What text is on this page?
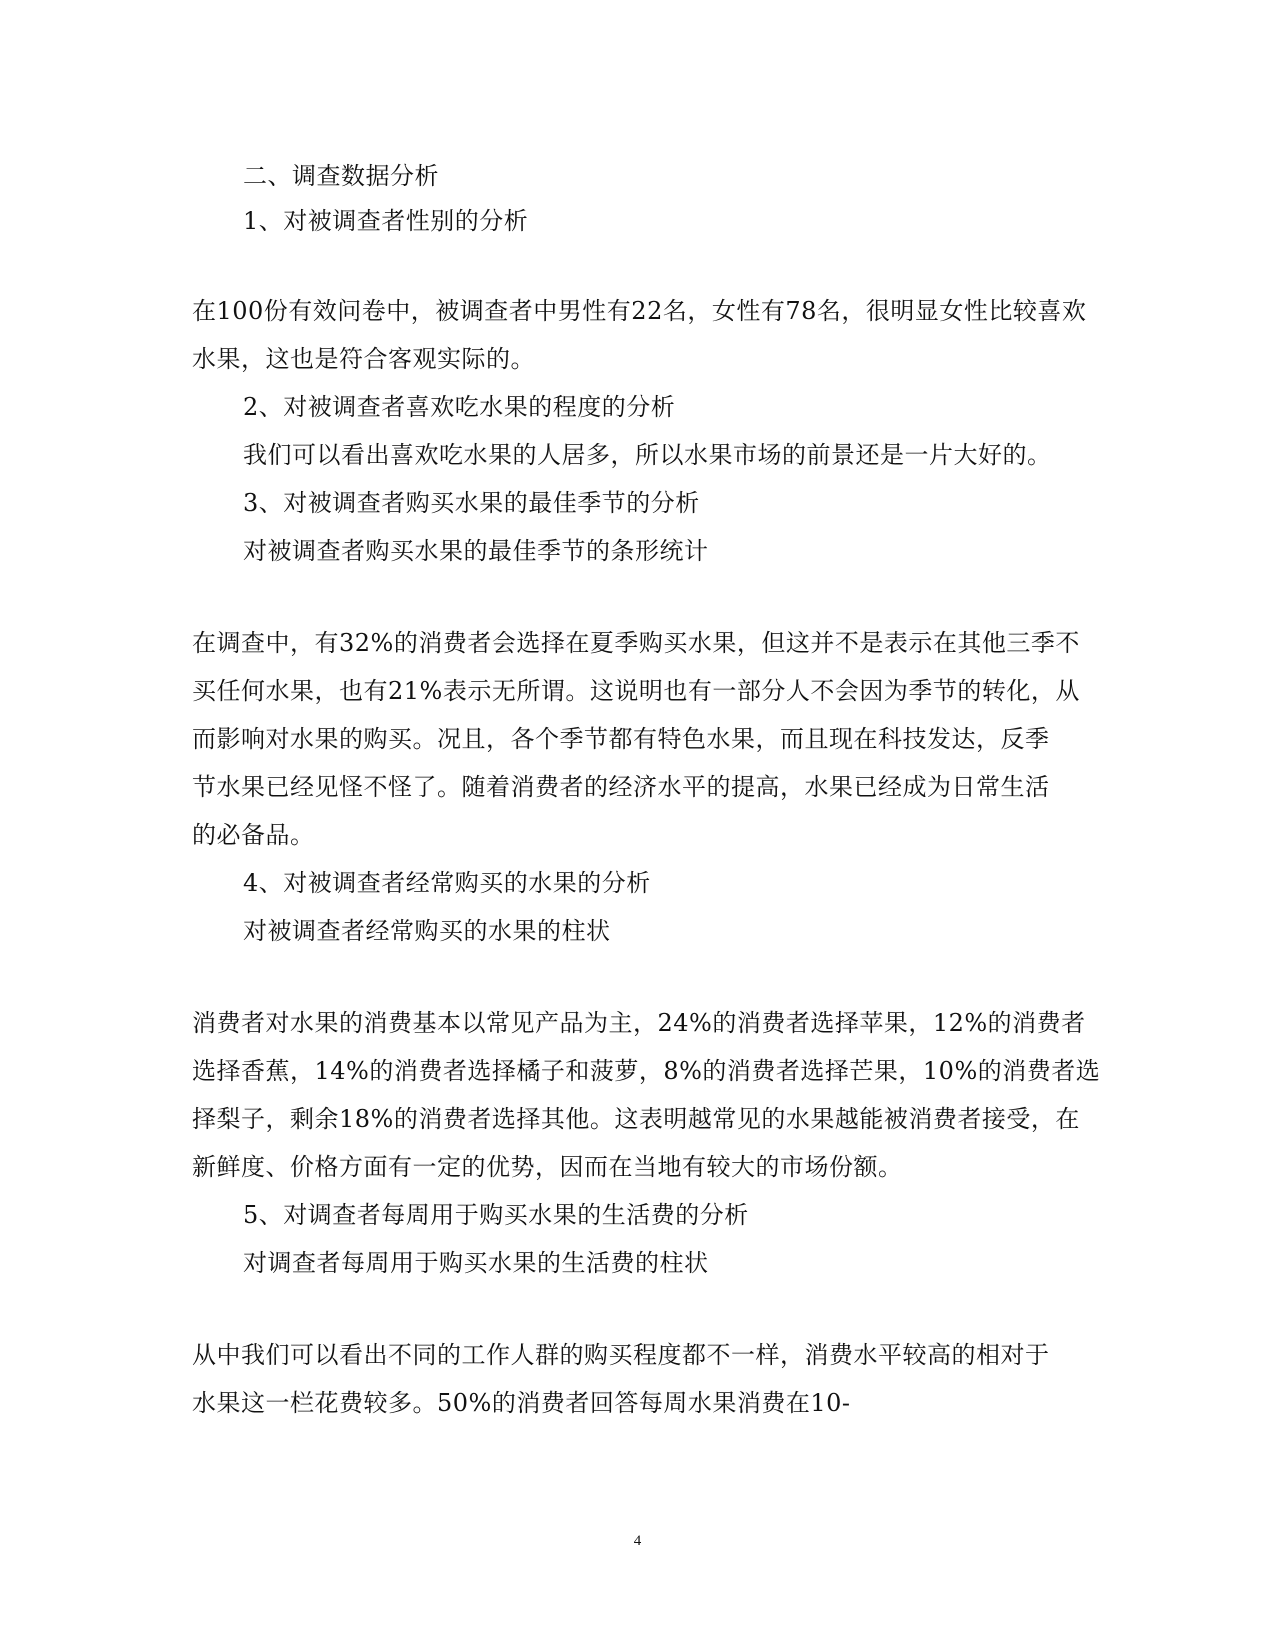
二、调查数据分析
1、对被调查者性别的分析
在100份有效问卷中，被调查者中男性有22名，女性有78名，很明显女性比较喜欢
水果，这也是符合客观实际的。
2、对被调查者喜欢吃水果的程度的分析
我们可以看出喜欢吃水果的人居多，所以水果市场的前景还是一片大好的。
3、对被调查者购买水果的最佳季节的分析
对被调查者购买水果的最佳季节的条形统计
在调查中，有32%的消费者会选择在夏季购买水果，但这并不是表示在其他三季不
买任何水果，也有21%表示无所谓。这说明也有一部分人不会因为季节的转化，从
而影响对水果的购买。况且，各个季节都有特色水果，而且现在科技发达，反季
节水果已经见怪不怪了。随着消费者的经济水平的提高，水果已经成为日常生活
的必备品。
4、对被调查者经常购买的水果的分析
对被调查者经常购买的水果的柱状
消费者对水果的消费基本以常见产品为主，24%的消费者选择苹果，12%的消费者
选择香蕉，14%的消费者选择橘子和菠萝，8%的消费者选择芒果，10%的消费者选
择梨子，剩余18%的消费者选择其他。这表明越常见的水果越能被消费者接受，在
新鲜度、价格方面有一定的优势，因而在当地有较大的市场份额。
5、对调查者每周用于购买水果的生活费的分析
对调查者每周用于购买水果的生活费的柱状
从中我们可以看出不同的工作人群的购买程度都不一样，消费水平较高的相对于
水果这一栏花费较多。50%的消费者回答每周水果消费在10-
4
